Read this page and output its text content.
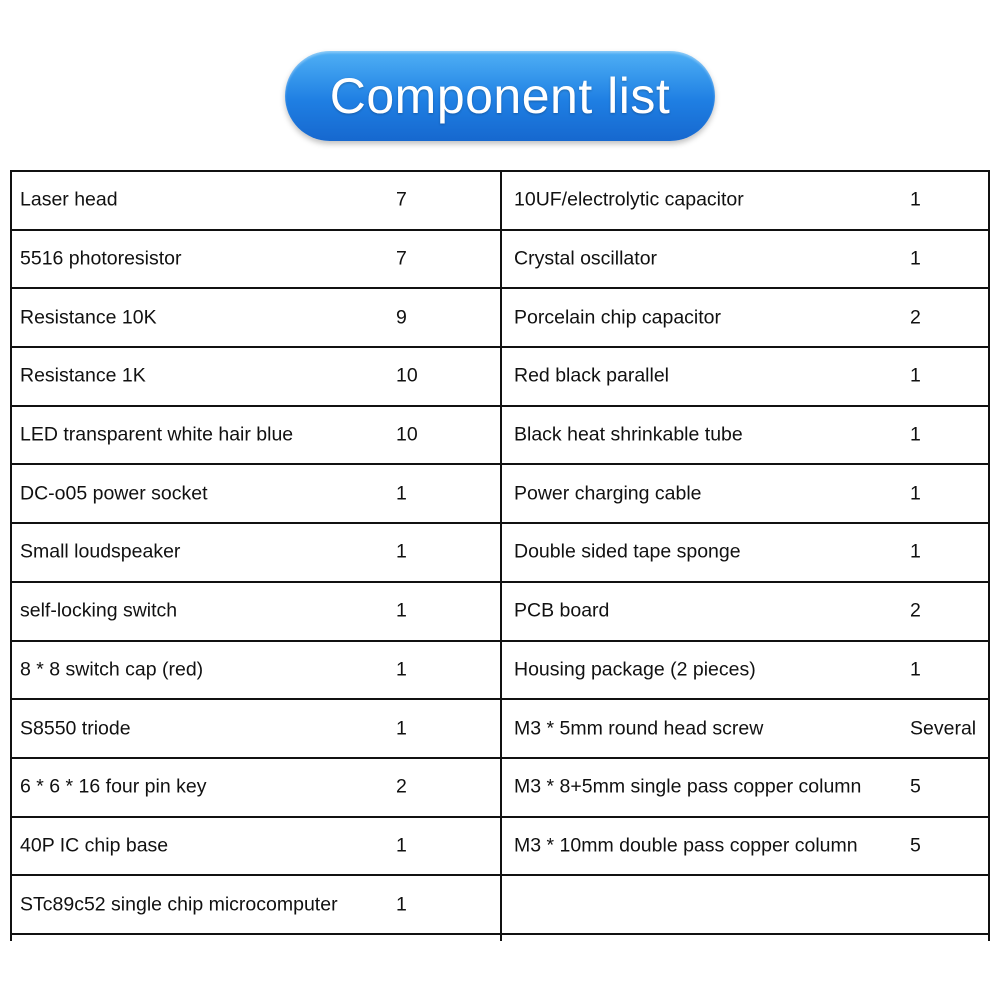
Component list
Laser head	7
5516 photoresistor	7
Resistance 10K	9
Resistance 1K	10
LED transparent white hair blue	10
DC-o05 power socket	1
Small loudspeaker	1
self-locking switch	1
8 * 8 switch cap (red)	1
S8550 triode	1
6 * 6 * 16 four pin key	2
40P IC chip base	1
STc89c52 single chip microcomputer	1
10UF/electrolytic capacitor	1
Crystal oscillator	1
Porcelain chip capacitor	2
Red black parallel	1
Black heat shrinkable tube	1
Power charging cable	1
Double sided tape sponge	1
PCB board	2
Housing package (2 pieces)	1
M3 * 5mm round head screw	Several
M3 * 8+5mm single pass copper column 5
M3 * 10mm double pass copper column	5
